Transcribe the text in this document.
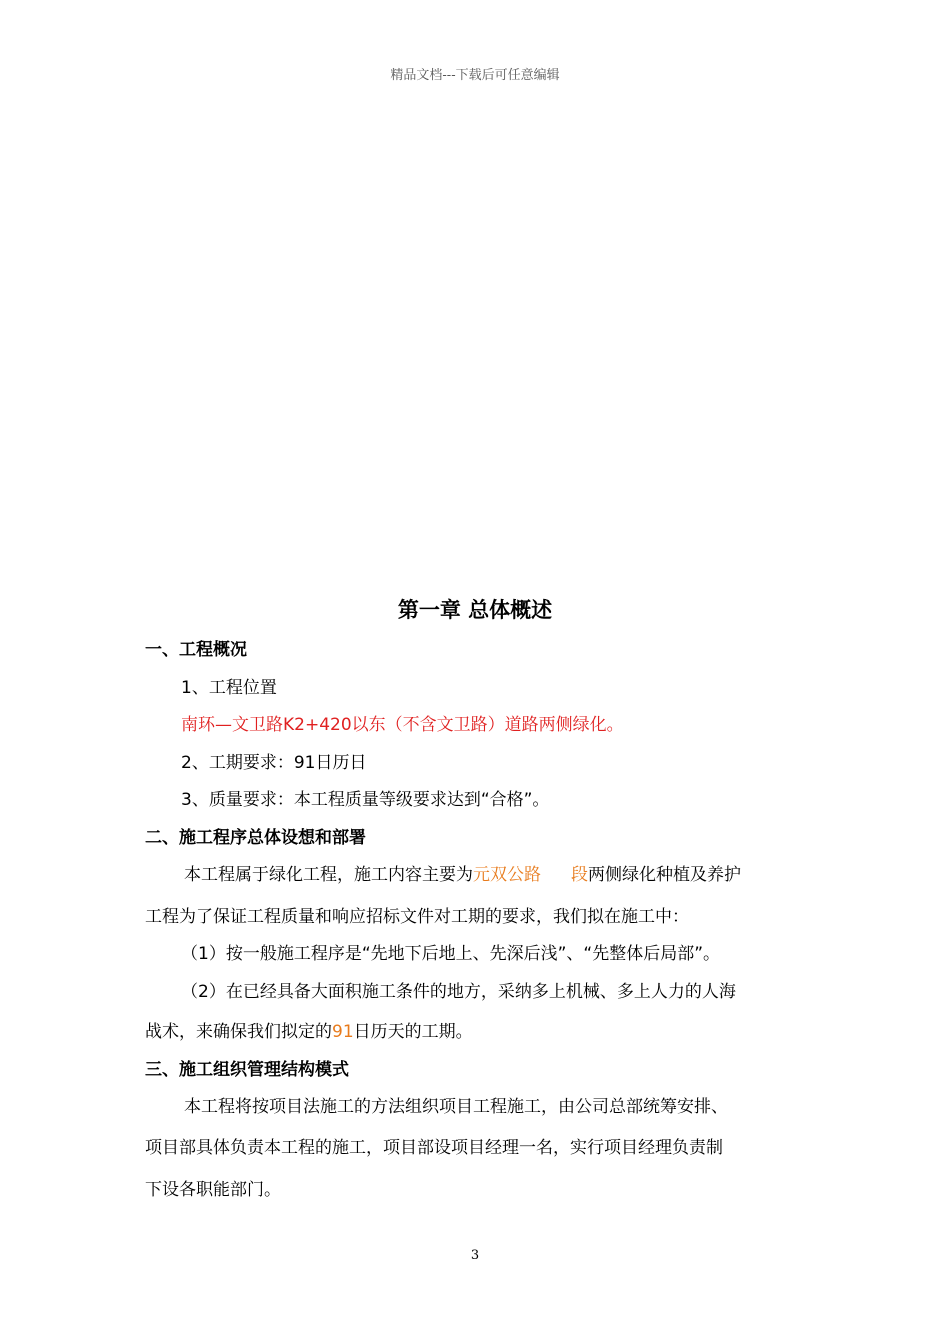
精品文档---下载后可任意编辑
第一章 总体概述
一、工程概况
1、工程位置
南环—文卫路K2+420以东（不含文卫路）道路两侧绿化。
2、工期要求：91日历日
3、质量要求：本工程质量等级要求达到“合格”。
二、施工程序总体设想和部署
本工程属于绿化工程，施工内容主要为元双公路 段两侧绿化种植及养护
工程为了保证工程质量和响应招标文件对工期的要求，我们拟在施工中：
（1）按一般施工程序是“先地下后地上、先深后浅”、“先整体后局部”。
（2）在已经具备大面积施工条件的地方，采纳多上机械、多上人力的人海
战术，来确保我们拟定的91日历天的工期。
三、施工组织管理结构模式
本工程将按项目法施工的方法组织项目工程施工，由公司总部统筹安排、
项目部具体负责本工程的施工，项目部设项目经理一名，实行项目经理负责制
下设各职能部门。
3
